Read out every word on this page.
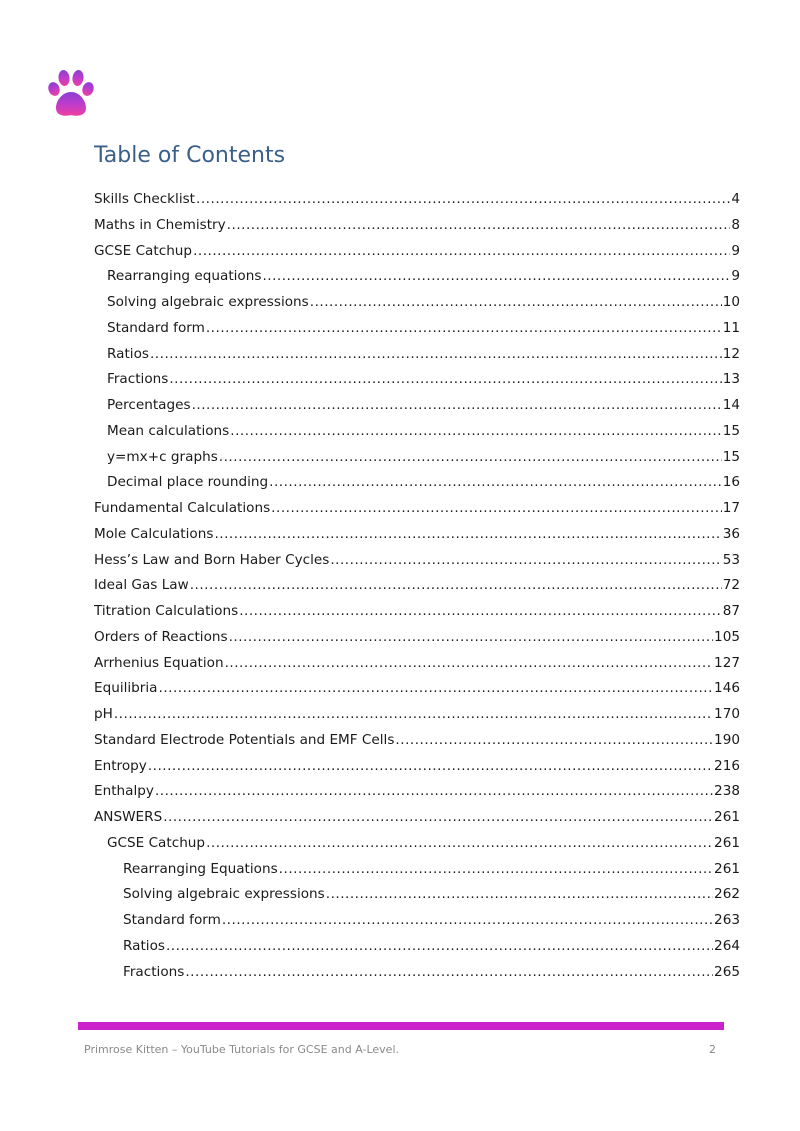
Table of Contents
Skills Checklist .....	4
Maths in Chemistry .....	8
GCSE Catchup .....	9
Rearranging equations .....	9
Solving algebraic expressions .....	10
Standard form .....	11
Ratios .....	12
Fractions .....	13
Percentages .....	14
Mean calculations .....	15
y=mx+c graphs .....	15
Decimal place rounding .....	16
Fundamental Calculations .....	17
Mole Calculations .....	36
Hess’s Law and Born Haber Cycles .....	53
Ideal Gas Law .....	72
Titration Calculations .....	87
Orders of Reactions .....	105
Arrhenius Equation .....	127
Equilibria .....	146
pH .....	170
Standard Electrode Potentials and EMF Cells .....	190
Entropy .....	216
Enthalpy .....	238
ANSWERS .....	261
GCSE Catchup .....	261
Rearranging Equations .....	261
Solving algebraic expressions .....	262
Standard form .....	263
Ratios .....	264
Fractions .....	265
Primrose Kitten – YouTube Tutorials for GCSE and A-Level.	2
